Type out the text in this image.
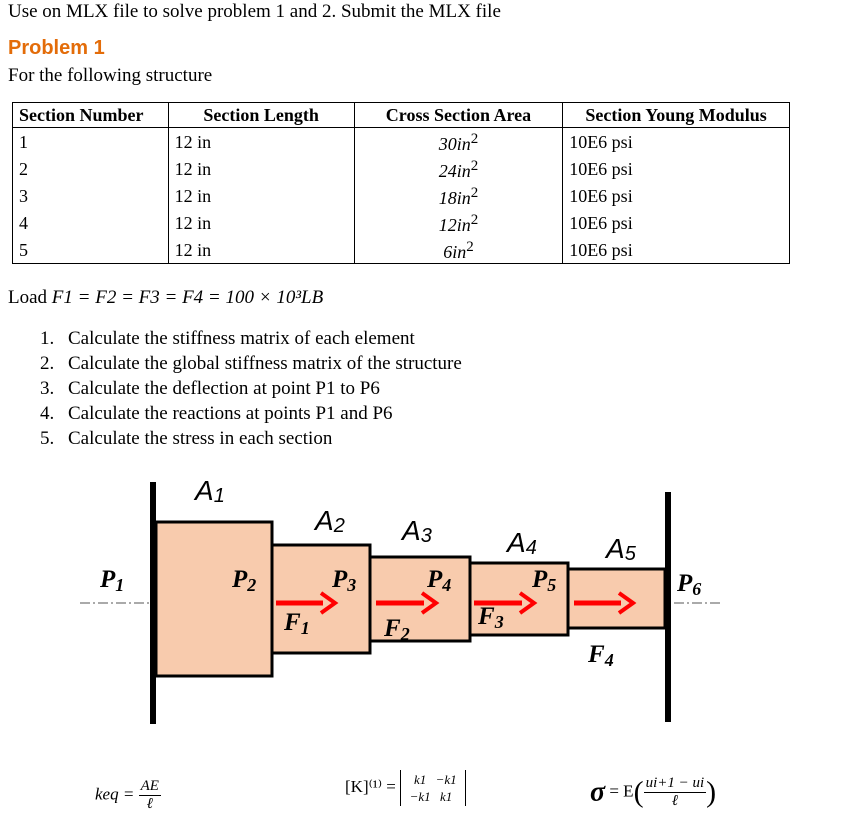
Use on MLX file to solve problem 1 and 2. Submit the MLX file
Problem 1
For the following structure
Section Number	Section Length	Cross Section Area	Section Young Modulus
1	12 in	$30in^2$	10E6 psi
2	12 in	$24in^2$	10E6 psi
3	12 in	$18in^2$	10E6 psi
4	12 in	$12in^2$	10E6 psi
5	12 in	$6in^2$	10E6 psi
Load F1 = F2 = F3 = F4 = 100 × 10³LB
1. Calculate the stiffness matrix of each element
2. Calculate the global stiffness matrix of the structure
3. Calculate the deflection at point P1 to P6
4. Calculate the reactions at points P1 and P6
5. Calculate the stress in each section
A1
A2 A3	A4 A5
P1	P2	P3	P4	P5	P6
F1	F2
F3
F4
keq = $\frac{AE}{\text{ℓ}}$	[K]⁽¹⁾ = k1 −k1
−k1 k1	$\sigma = E( \frac{ui+1 - ui}{\text{ℓ}}$ )
